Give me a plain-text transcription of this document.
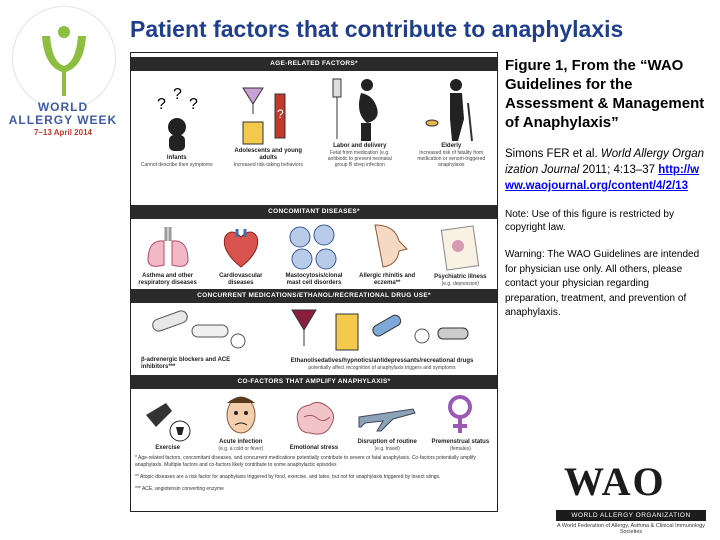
Patient factors that contribute to anaphylaxis
WORLD
ALLERGY WEEK
7–13 April 2014
AGE-RELATED FACTORS*
?
?
?
Infants
Cannot describe their symptoms
?
Adolescents and young adults
Increased risk-taking behaviors
Labor and delivery
Fetal from medication (e.g. antibiotic to prevent neonatal group B strep infection
Elderly
Increased risk of fatality from medication or venom-triggered anaphylaxis
CONCOMITANT DISEASES*
Asthma and other respiratory diseases
Cardiovascular diseases
Mastocytosis/clonal mast cell disorders
Allergic rhinitis and eczema**
Psychiatric illness
(e.g. depression)
CONCURRENT MEDICATIONS/ETHANOL/RECREATIONAL DRUG USE*
β-adrenergic blockers and ACE inhibitors***
Ethanol/sedatives/hypnotics/antidepressants/recreational drugs
potentially affect recognition of anaphylaxis triggers and symptoms
CO-FACTORS THAT AMPLIFY ANAPHYLAXIS*
Exercise
Acute infection
(e.g. a cold or fever)	Emotional stress
Disruption of routine
(e.g. travel)
Premenstrual status
(females)

* Age-related factors, concomitant diseases, and concurrent medications potentially contribute to severe or fatal anaphylaxis. Co-factors potentially amplify anaphylaxis. Multiple factors and co-factors likely contribute to some anaphylactic episodes

** Atopic diseases are a risk factor for anaphylaxis triggered by food, exercise, and latex, but not for anaphylaxis triggered by insect stings.

*** ACE, angiotensin converting enzyme

Figure 1, From the “WAO Guidelines for the Assessment & Management of Anaphylaxis”
Simons FER et al. World Allergy Organization Journal 2011; 4:13–37 http://www.waojournal.org/content/4/2/13
Note: Use of this figure is restricted by copyright law.
Warning: The WAO Guidelines are intended for physician use only. All others, please contact your physician regarding preparation, treatment, and prevention of anaphylaxis.
WAO
WORLD ALLERGY ORGANIZATION
A World Federation of Allergy, Asthma & Clinical Immunology Societies
